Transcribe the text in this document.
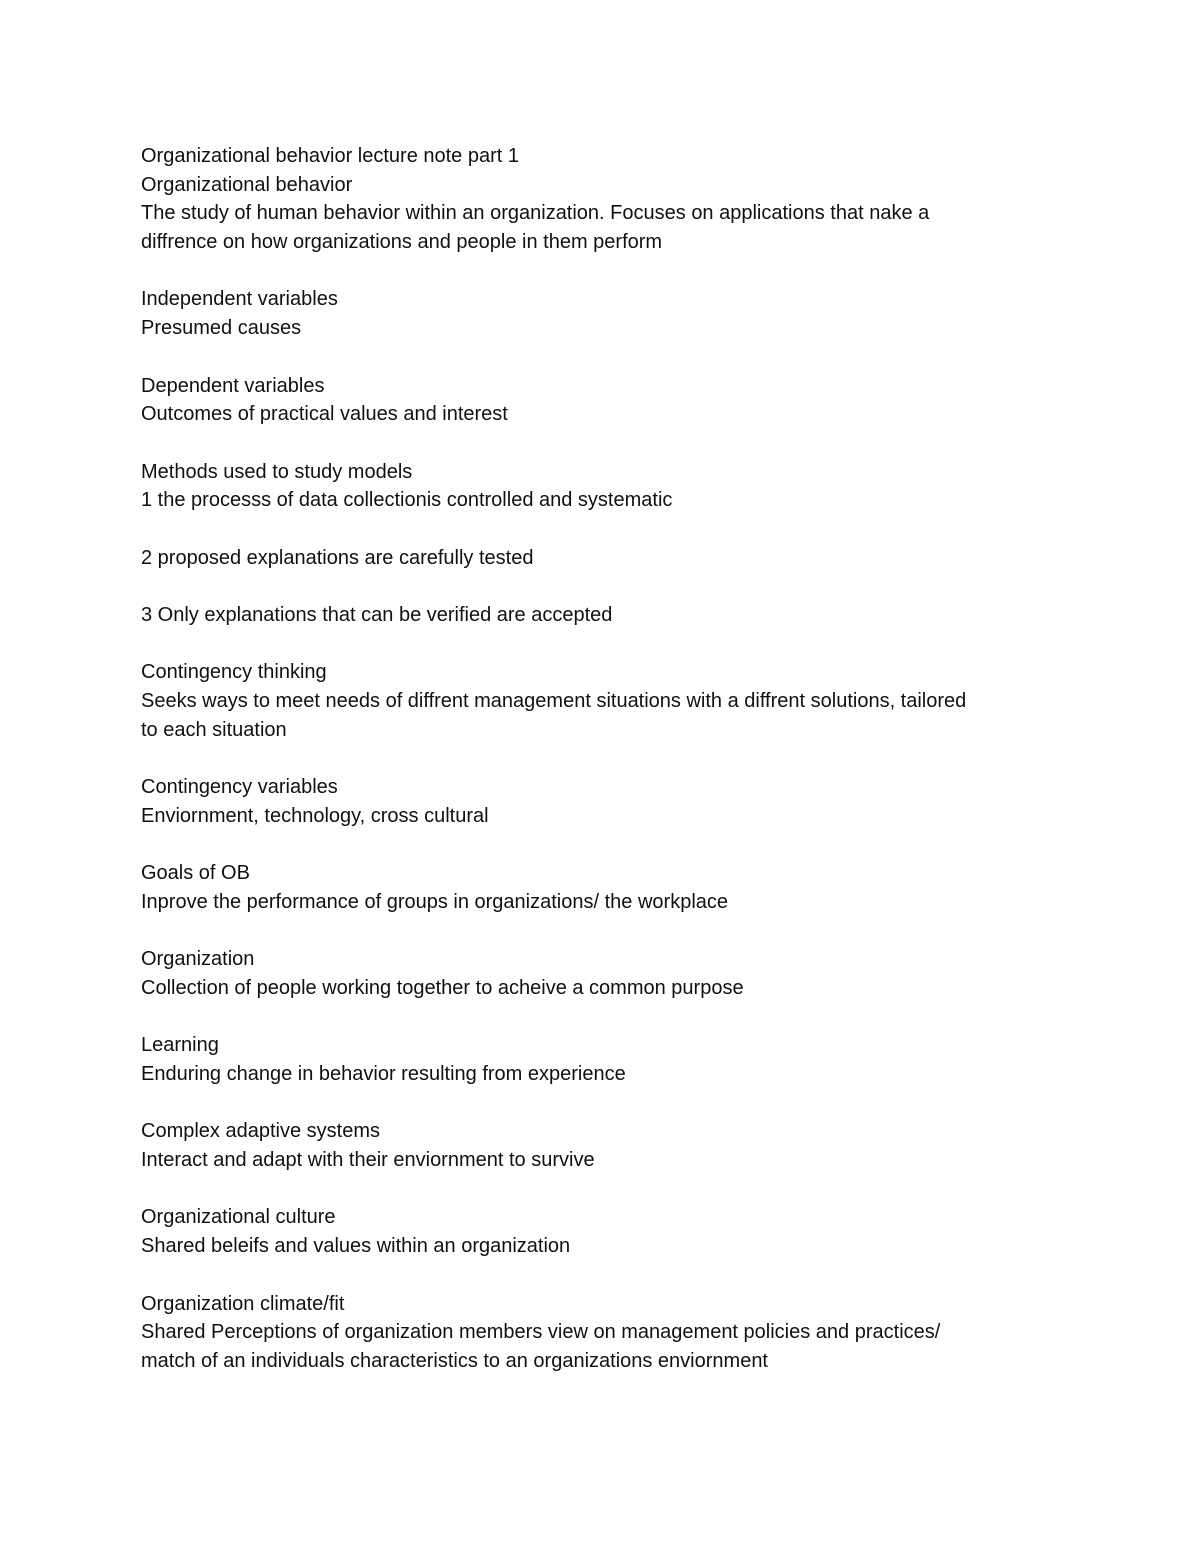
Organizational behavior lecture note part 1
Organizational behavior
The study of human behavior within an organization. Focuses on applications that nake a
diffrence on how organizations and people in them perform
Independent variables
Presumed causes
Dependent variables
Outcomes of practical values and interest
Methods used to study models
1 the processs of data collectionis controlled and systematic
2 proposed explanations are carefully tested
3 Only explanations that can be verified are accepted
Contingency thinking
Seeks ways to meet needs of diffrent management situations with a diffrent solutions, tailored
to each situation
Contingency variables
Enviornment, technology, cross cultural
Goals of OB
Inprove the performance of groups in organizations/ the workplace
Organization
Collection of people working together to acheive a common purpose
Learning
Enduring change in behavior resulting from experience
Complex adaptive systems
Interact and adapt with their enviornment to survive
Organizational culture
Shared beleifs and values within an organization
Organization climate/fit
Shared Perceptions of organization members view on management policies and practices/
match of an individuals characteristics to an organizations enviornment
